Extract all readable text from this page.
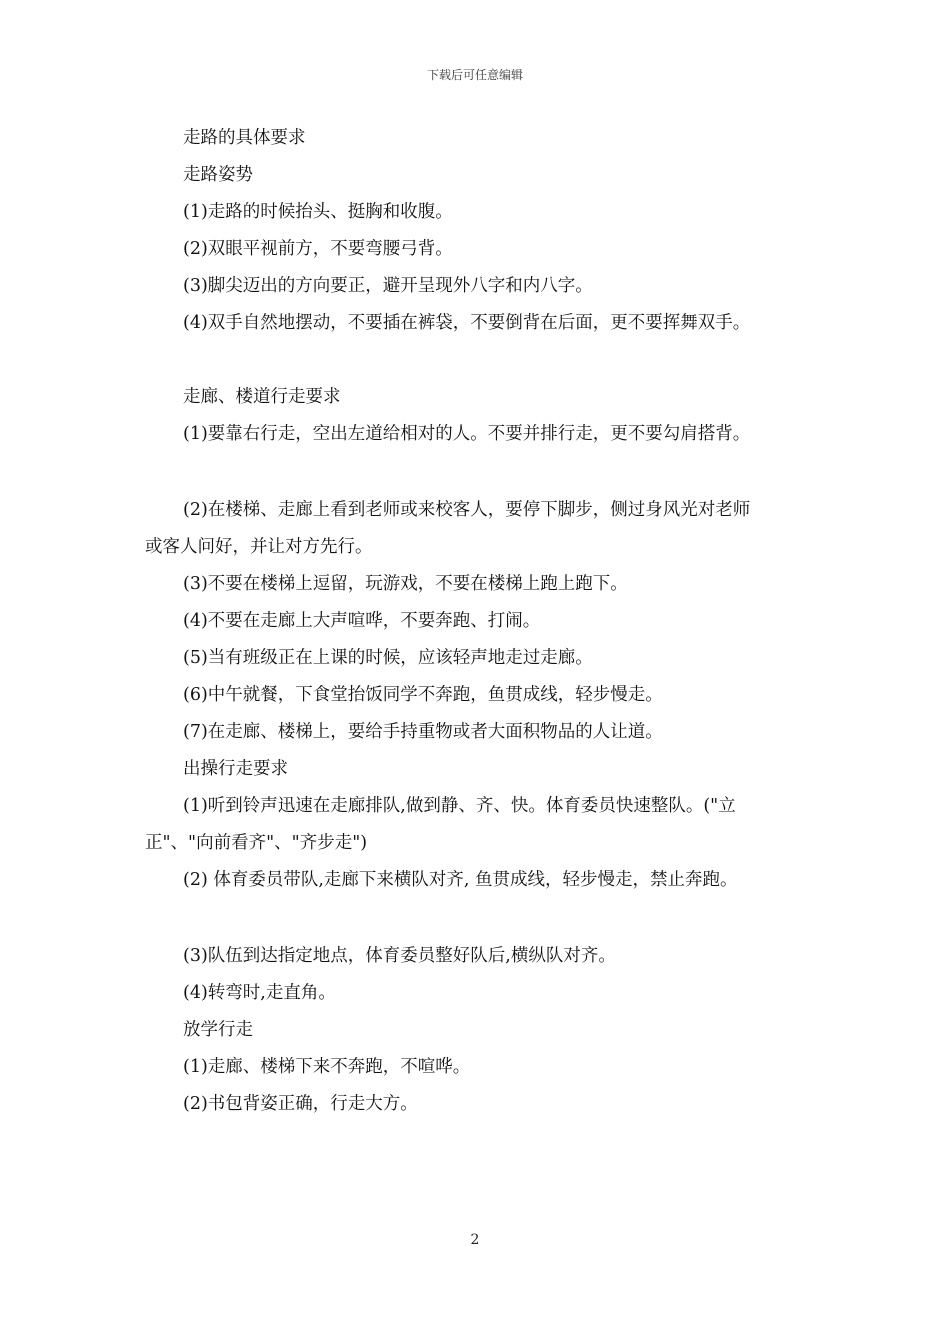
下载后可任意编辑
走路的具体要求
走路姿势
(1)走路的时候抬头、挺胸和收腹。
(2)双眼平视前方，不要弯腰弓背。
(3)脚尖迈出的方向要正，避开呈现外八字和内八字。
(4)双手自然地摆动，不要插在裤袋，不要倒背在后面，更不要挥舞双手。
走廊、楼道行走要求
(1)要靠右行走，空出左道给相对的人。不要并排行走，更不要勾肩搭背。
(2)在楼梯、走廊上看到老师或来校客人，要停下脚步，侧过身风光对老师
或客人问好，并让对方先行。
(3)不要在楼梯上逗留，玩游戏，不要在楼梯上跑上跑下。
(4)不要在走廊上大声喧哗，不要奔跑、打闹。
(5)当有班级正在上课的时候，应该轻声地走过走廊。
(6)中午就餐，下食堂抬饭同学不奔跑，鱼贯成线，轻步慢走。
(7)在走廊、楼梯上，要给手持重物或者大面积物品的人让道。
出操行走要求
(1)听到铃声迅速在走廊排队,做到静、齐、快。体育委员快速整队。("立
正"、"向前看齐"、"齐步走")
(2) 体育委员带队,走廊下来横队对齐, 鱼贯成线，轻步慢走，禁止奔跑。
(3)队伍到达指定地点，体育委员整好队后,横纵队对齐。
(4)转弯时,走直角。
放学行走
(1)走廊、楼梯下来不奔跑，不喧哗。
(2)书包背姿正确，行走大方。
2
